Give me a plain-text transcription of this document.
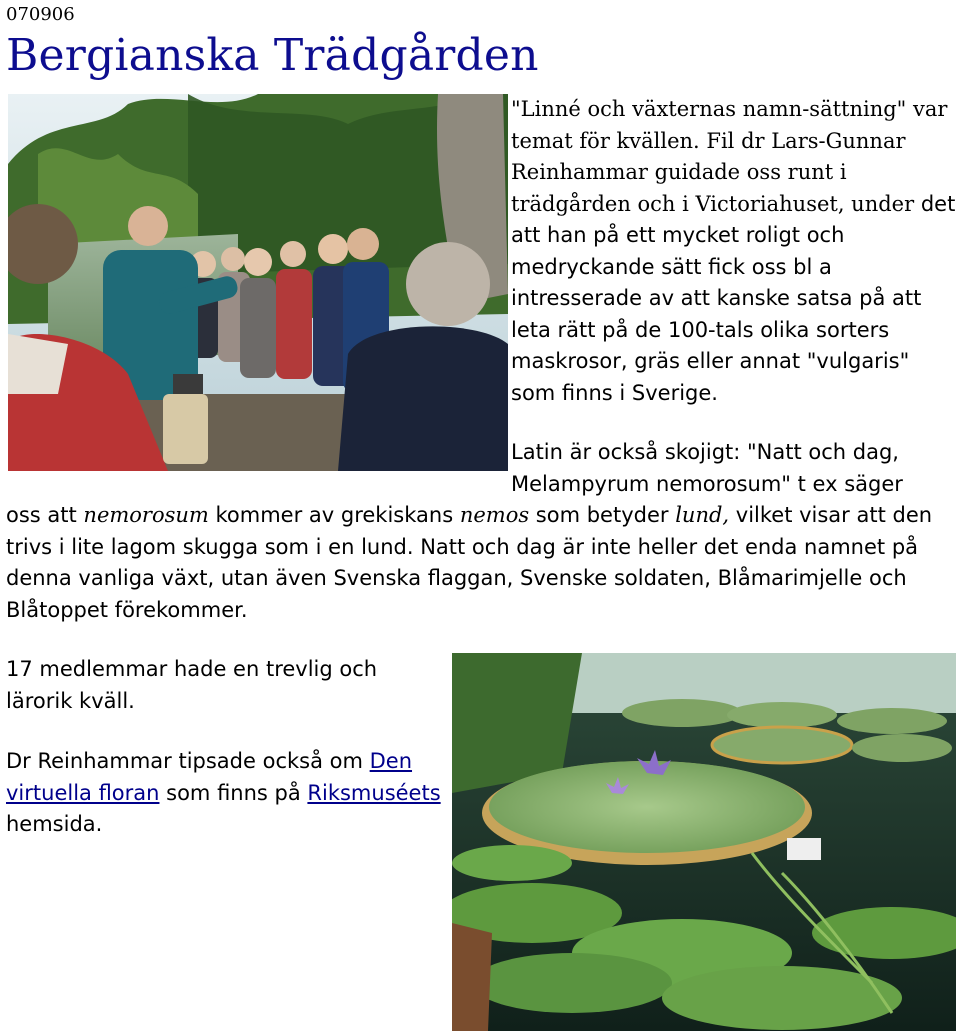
070906
Bergianska Trädgården

"Linné och växternas namn-sättning" var temat för kvällen. Fil dr Lars-Gunnar Reinhammar guidade oss runt i trädgården och i Victoriahuset, under det att han på ett mycket roligt och medryckande sätt fick oss bl a intresserade av att kanske satsa på att leta rätt på de 100-tals olika sorters maskrosor, gräs eller annat "vulgaris" som finns i Sverige.

Latin är också skojigt: "Natt och dag,
Melampyrum nemorosum" t ex säger

oss att nemorosum kommer av grekiskans nemos som betyder lund, vilket visar att den trivs i lite lagom skugga som i en lund. Natt och dag är inte heller det enda namnet på denna vanliga växt, utan även Svenska flaggan, Svenske soldaten, Blåmarimjelle och Blåtoppet förekommer.

17 medlemmar hade en trevlig och lärorik kväll.

Dr Reinhammar tipsade också om Den virtuella floran som finns på Riksmuséets hemsida.
